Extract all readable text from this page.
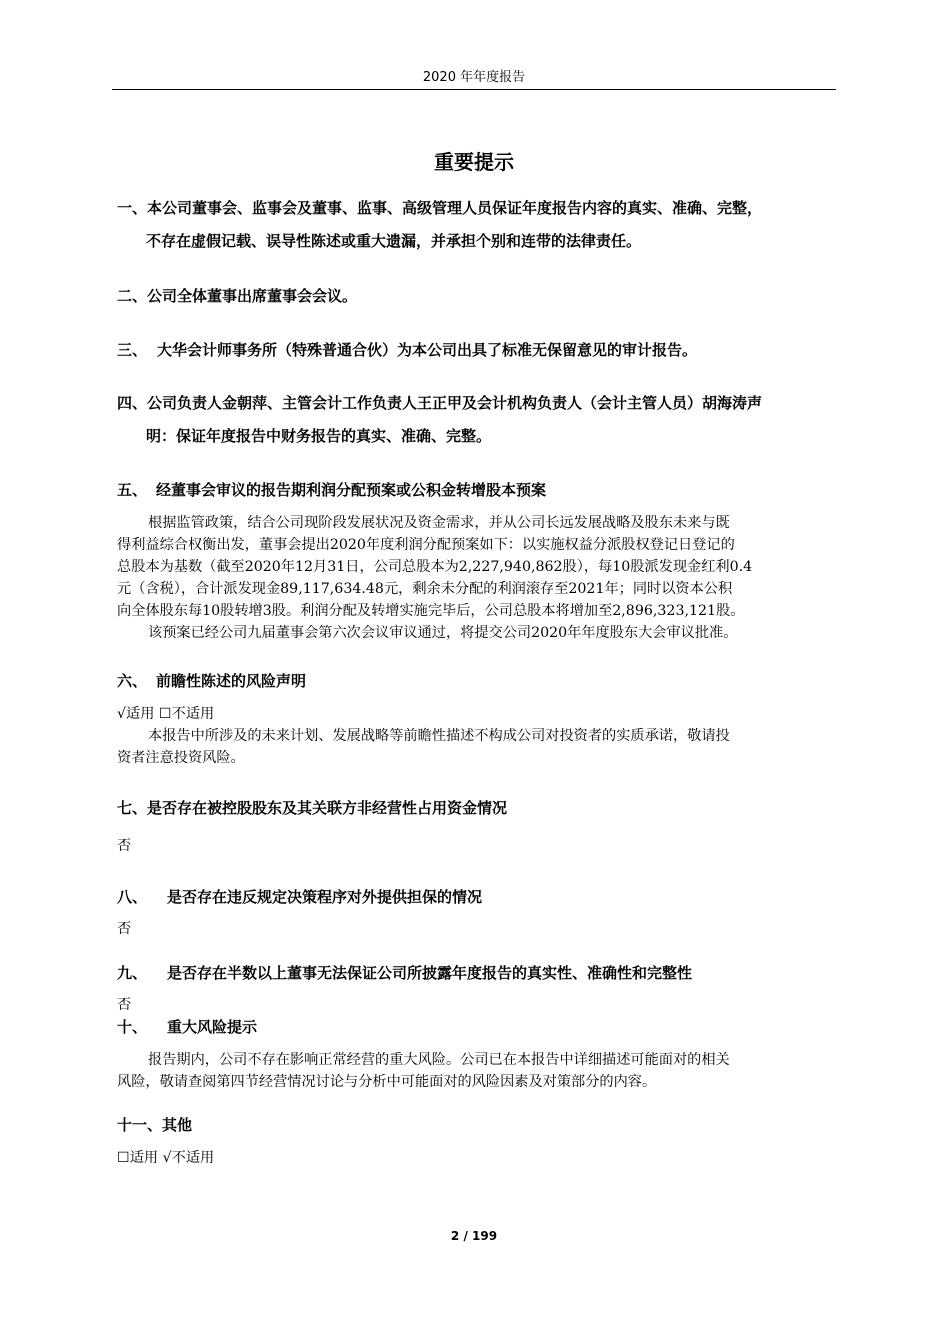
2020 年年度报告
重要提示
一、本公司董事会、监事会及董事、监事、高级管理人员保证年度报告内容的真实、准确、完整，
不存在虚假记载、误导性陈述或重大遗漏，并承担个别和连带的法律责任。
二、公司全体董事出席董事会会议。
三、 大华会计师事务所（特殊普通合伙）为本公司出具了标准无保留意见的审计报告。
四、公司负责人金朝萍、主管会计工作负责人王正甲及会计机构负责人（会计主管人员）胡海涛声
明：保证年度报告中财务报告的真实、准确、完整。
五、 经董事会审议的报告期利润分配预案或公积金转增股本预案
根据监管政策，结合公司现阶段发展状况及资金需求，并从公司长远发展战略及股东未来与既
得利益综合权衡出发，董事会提出2020年度利润分配预案如下：以实施权益分派股权登记日登记的
总股本为基数（截至2020年12月31日，公司总股本为2,227,940,862股），每10股派发现金红利0.4
元（含税），合计派发现金89,117,634.48元，剩余未分配的利润滚存至2021年；同时以资本公积
向全体股东每10股转增3股。利润分配及转增实施完毕后，公司总股本将增加至2,896,323,121股。
该预案已经公司九届董事会第六次会议审议通过，将提交公司2020年年度股东大会审议批准。
六、 前瞻性陈述的风险声明
√适用 ☐不适用
本报告中所涉及的未来计划、发展战略等前瞻性描述不构成公司对投资者的实质承诺，敬请投
资者注意投资风险。
七、是否存在被控股股东及其关联方非经营性占用资金情况
否
八、 是否存在违反规定决策程序对外提供担保的情况
否
九、 是否存在半数以上董事无法保证公司所披露年度报告的真实性、准确性和完整性
否
十、 重大风险提示
报告期内，公司不存在影响正常经营的重大风险。公司已在本报告中详细描述可能面对的相关
风险，敬请查阅第四节经营情况讨论与分析中可能面对的风险因素及对策部分的内容。
十一、其他
☐适用 √不适用
2 / 199
